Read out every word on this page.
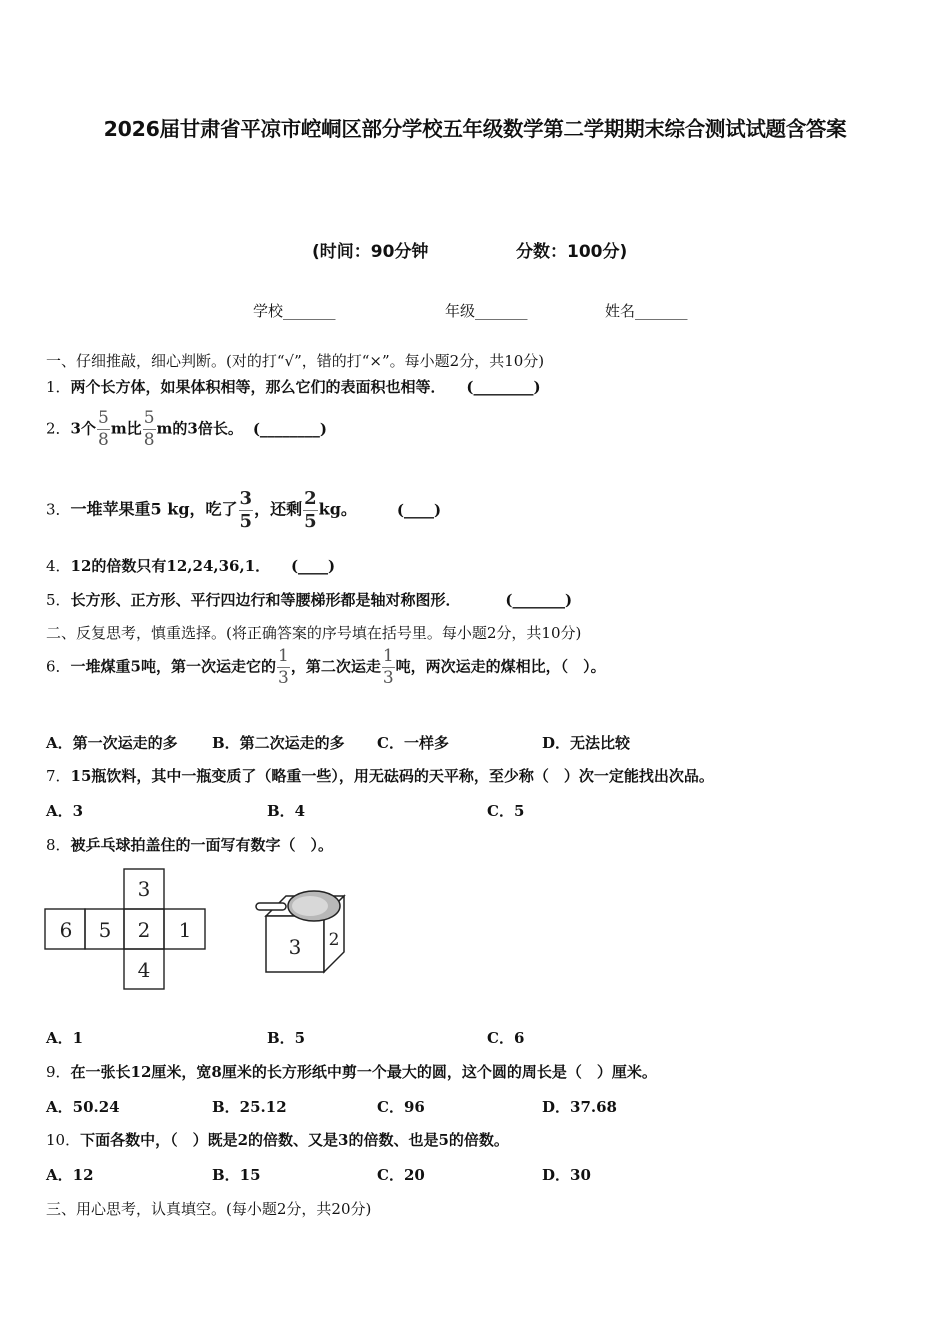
2026届甘肃省平凉市崆峒区部分学校五年级数学第二学期期末综合测试试题含答案
(时间：90分钟	分数：100分)
学校_______	年级_______	姓名_______
一、仔细推敲，细心判断。(对的打“√”，错的打“×”。每小题2分，共10分)
1．两个长方体，如果体积相等，那么它们的表面积也相等． (________)
2．3个 $\frac{5}{8}$ m比 $\frac{5}{8}$ m的3倍长。 (________)
3．一堆苹果重5 kg，吃了 $\frac{3}{5}$ ，还剩 $\frac{2}{5}$ kg。	(____)
4．12的倍数只有12,24,36,1． (____)
5．长方形、正方形、平行四边行和等腰梯形都是轴对称图形．	(_______)
二、反复思考，慎重选择。(将正确答案的序号填在括号里。每小题2分，共10分)
6．一堆煤重5吨，第一次运走它的 $\frac{1}{3}$ ，第二次运走 $\frac{1}{3}$ 吨，两次运走的煤相比，（　）。
A．第一次运走的多 B．第二次运走的多 C．一样多	D．无法比较
7．15瓶饮料，其中一瓶变质了（略重一些），用无砝码的天平称，至少称（　）次一定能找出次品。
A．3	B．4	C．5
8．被乒乓球拍盖住的一面写有数字（　）。
3
6 5 2 1
4
3 2
A．1	B．5	C．6
9．在一张长12厘米，宽8厘米的长方形纸中剪一个最大的圆，这个圆的周长是（　）厘米。
A．50.24	B．25.12	C．96	D．37.68
10．下面各数中，（　）既是2的倍数、又是3的倍数、也是5的倍数。
A．12	B．15	C．20	D．30
三、用心思考，认真填空。(每小题2分，共20分)
